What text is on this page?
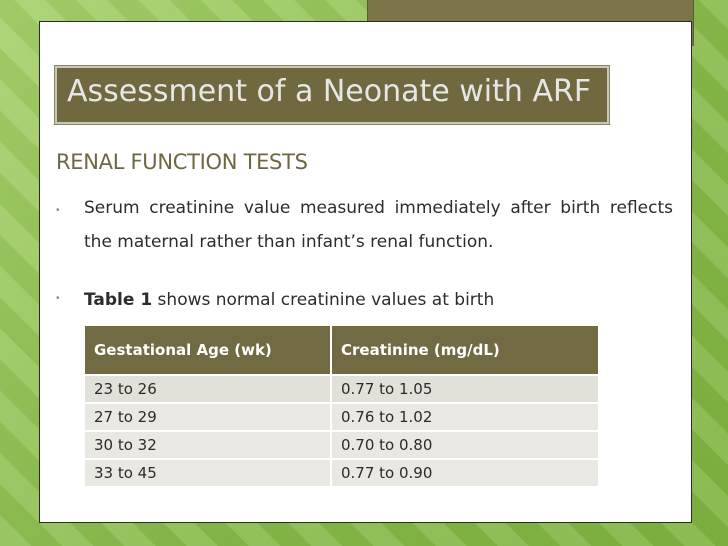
Assessment of a Neonate with ARF
RENAL FUNCTION TESTS
• Serum creatinine value measured immediately after birth reflects the maternal rather than infant’s renal function.
• Table 1 shows normal creatinine values at birth
Gestational Age (wk)	Creatinine (mg/dL)
23 to 26	0.77 to 1.05
27 to 29	0.76 to 1.02
30 to 32	0.70 to 0.80
33 to 45	0.77 to 0.90
